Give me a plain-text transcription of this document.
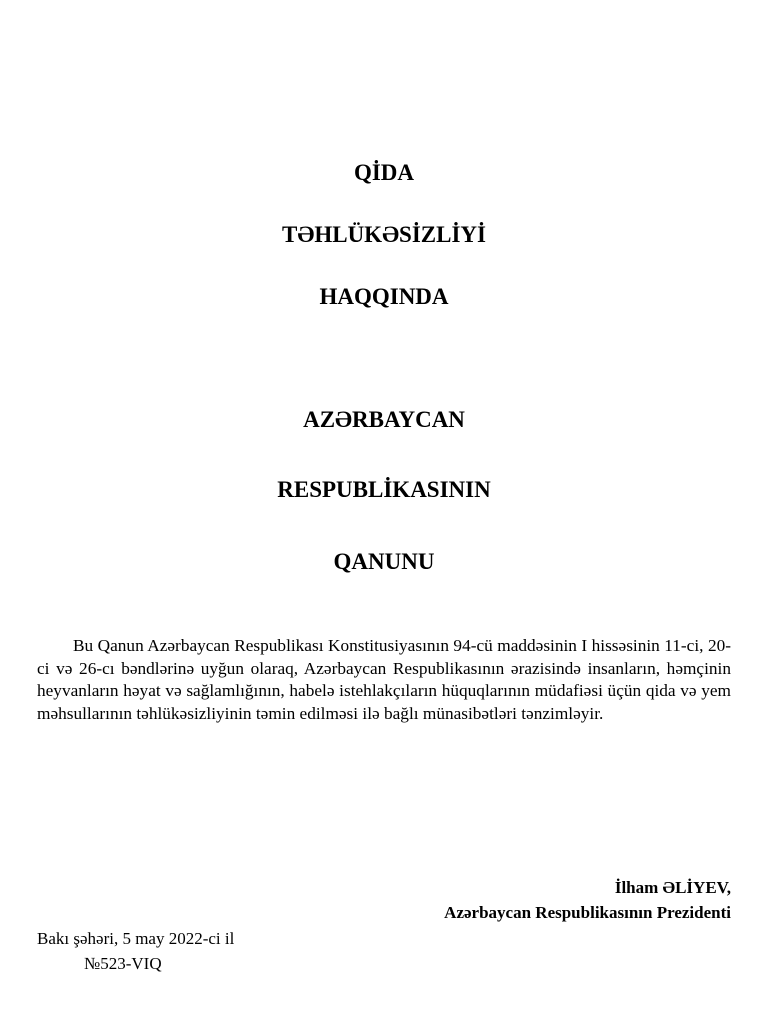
QİDA
TƏHLÜKƏSİZLİYİ
HAQQINDA
AZƏRBAYCAN
RESPUBLİKASININ
QANUNU

Bu Qanun Azərbaycan Respublikası Konstitusiyasının 94-cü maddəsinin I hissəsinin 11-ci, 20-ci və 26-cı bəndlərinə uyğun olaraq, Azərbaycan Respublikasının ərazisində insanların, həmçinin heyvanların həyat və sağlamlığının, habelə istehlakçıların hüquqlarının müdafiəsi üçün qida və yem məhsullarının təhlükəsizliyinin təmin edilməsi ilə bağlı münasibətləri tənzimləyir.

İlham ƏLİYEV,

Azərbaycan Respublikasının Prezidenti

Bakı şəhəri, 5 may 2022-ci il

№523-VIQ
